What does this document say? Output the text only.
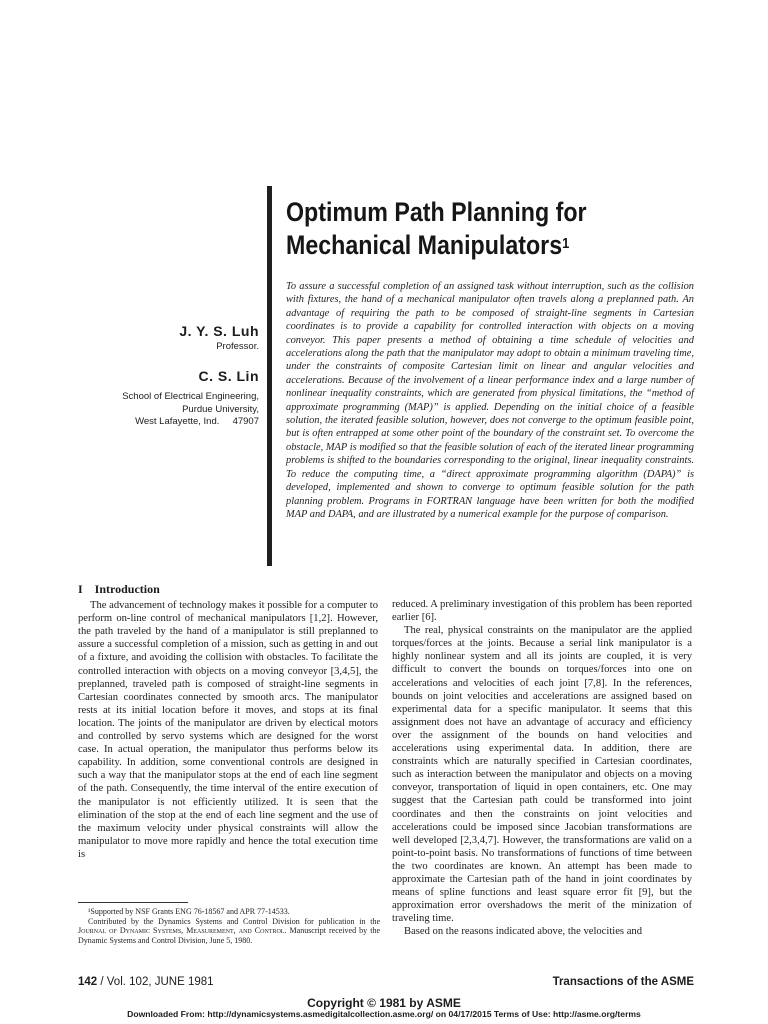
Optimum Path Planning for
Mechanical Manipulators$^1$
J. Y. S. Luh
Professor.
C. S. Lin
School of Electrical Engineering,
Purdue University,
West Lafayette, Ind.     47907

To assure a successful completion of an assigned task without interruption, such as the collision with fixtures, the hand of a mechanical manipulator often travels along a preplanned path. An advantage of requiring the path to be composed of straight-line segments in Cartesian coordinates is to provide a capability for controlled interaction with objects on a moving conveyor. This paper presents a method of obtaining a time schedule of velocities and accelerations along the path that the manipulator may adopt to obtain a minimum traveling time, under the constraints of composite Cartesian limit on linear and angular velocities and accelerations. Because of the involvement of a linear performance index and a large number of nonlinear inequality constraints, which are generated from physical limitations, the “method of approximate programming (MAP)” is applied. Depending on the initial choice of a feasible solution, the iterated feasible solution, however, does not converge to the optimum feasible point, but is often entrapped at some other point of the boundary of the constraint set. To overcome the obstacle, MAP is modified so that the feasible solution of each of the iterated linear programming problems is shifted to the boundaries corresponding to the original, linear inequality constraints. To reduce the computing time, a “direct approximate programming algorithm (DAPA)” is developed, implemented and shown to converge to optimum feasible solution for the path planning problem. Programs in FORTRAN language have been written for both the modified MAP and DAPA, and are illustrated by a numerical example for the purpose of comparison.

I Introduction

The advancement of technology makes it possible for a computer to perform on-line control of mechanical manipulators [1,2]. However, the path traveled by the hand of a manipulator is still preplanned to assure a successful completion of a mission, such as getting in and out of a fixture, and avoiding the collision with obstacles. To facilitate the controlled interaction with objects on a moving conveyor [3,4,5], the preplanned, traveled path is composed of straight-line segments in Cartesian coordinates connected by smooth arcs. The manipulator rests at its initial location before it moves, and stops at its final location. The joints of the manipulator are driven by electical motors and controlled by servo systems which are designed for the worst case. In actual operation, the manipulator thus performs below its capability. In addition, some conventional controls are designed in such a way that the manipulator stops at the end of each line segment of the path. Consequently, the time interval of the entire execution of the manipulator is not efficiently utilized. It is seen that the elimination of the stop at the end of each line segment and the use of the maximum velocity under physical constraints will allow the manipulator to move more rapidly and hence the total execution time is

reduced. A preliminary investigation of this problem has been reported earlier [6].

The real, physical constraints on the manipulator are the applied torques/forces at the joints. Because a serial link manipulator is a highly nonlinear system and all its joints are coupled, it is very difficult to convert the bounds on torques/forces into one on accelerations and velocities of each joint [7,8]. In the references, bounds on joint velocities and accelerations are assigned based on experimental data for a specific manipulator. It seems that this assignment does not have an advantage of accuracy and efficiency over the assignment of the bounds on hand velocities and accelerations using experimental data. In addition, there are constraints which are naturally specified in Cartesian coordinates, such as interaction between the manipulator and objects on a moving conveyor, transportation of liquid in open containers, etc. One may suggest that the Cartesian path could be transformed into joint coordinates and then the constraints on joint velocities and accelerations could be imposed since Jacobian transformations are well developed [2,3,4,7]. However, the transformations are valid on a point-to-point basis. No transformations of functions of time between the two coordinates are known. An attempt has been made to approximate the Cartesian path of the hand in joint coordinates by means of spline functions and least square error fit [9], but the approximation error overshadows the merit of the minization of traveling time.

Based on the reasons indicated above, the velocities and

¹Supported by NSF Grants ENG 76-18567 and APR 77-14533.

Contributed by the Dynamics Systems and Control Division for publication in the Journal of Dynamic Systems, Measurement, and Control. Manuscript received by the Dynamic Systems and Control Division, June 5, 1980.

142 / Vol. 102, JUNE 1981	Transactions of the ASME
Copyright © 1981 by ASME
Downloaded From: http://dynamicsystems.asmedigitalcollection.asme.org/ on 04/17/2015 Terms of Use: http://asme.org/terms
